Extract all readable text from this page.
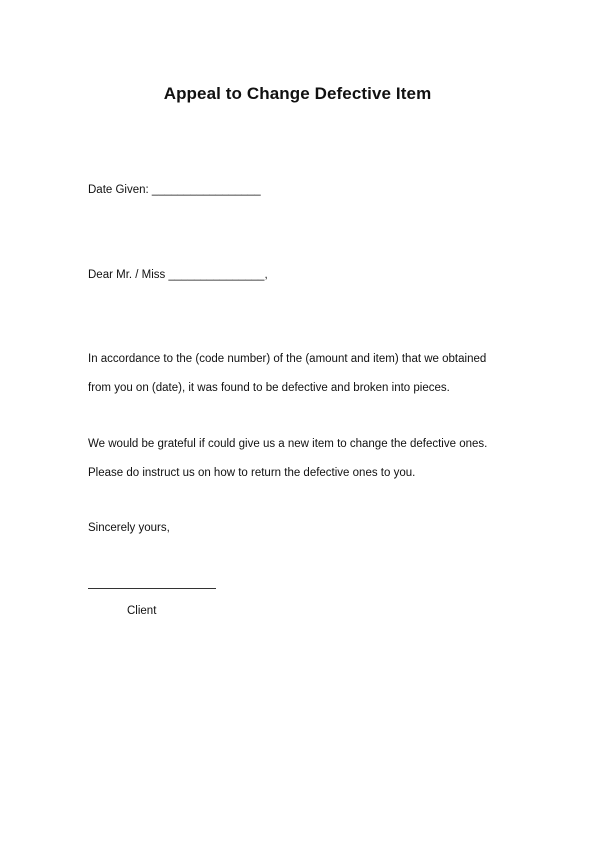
Appeal to Change Defective Item
Date Given: _________________
Dear Mr. / Miss _______________,
In accordance to the (code number) of the (amount and item) that we obtained
from you on (date), it was found to be defective and broken into pieces.
We would be grateful if could give us a new item to change the defective ones.
Please do instruct us on how to return the defective ones to you.
Sincerely yours,
Client
